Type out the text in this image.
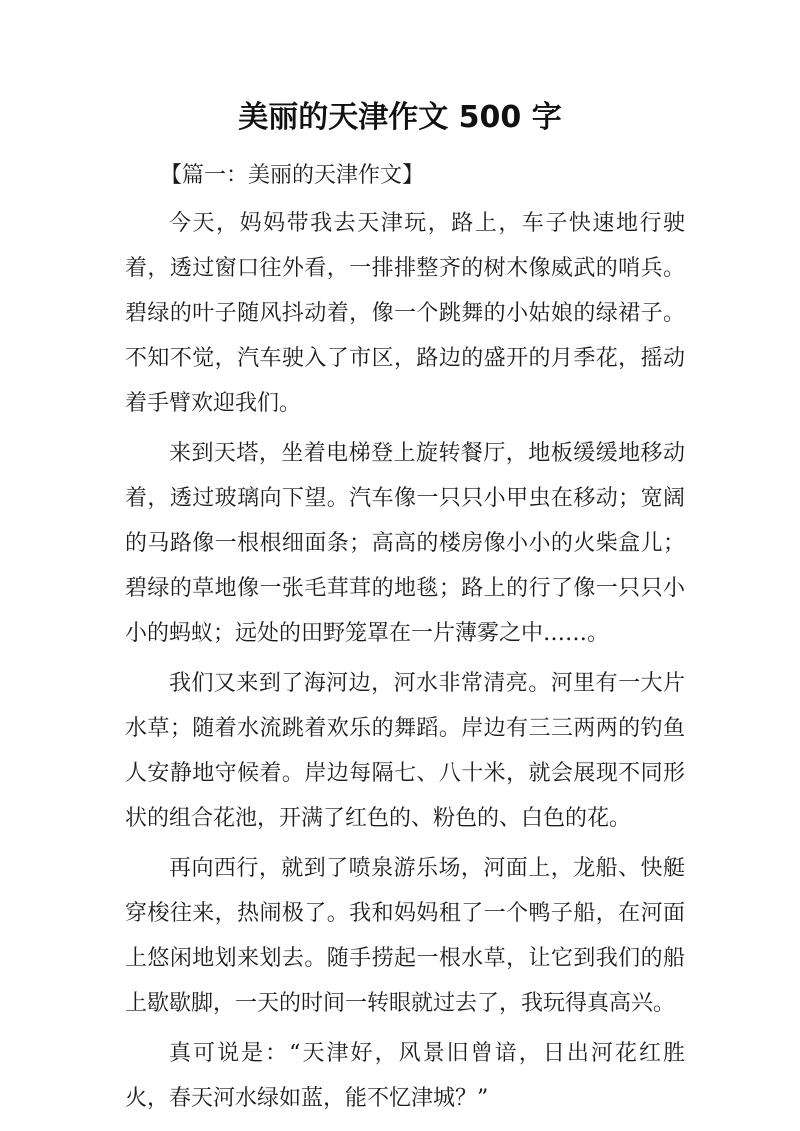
美丽的天津作文 500 字

【篇一：美丽的天津作文】

今天，妈妈带我去天津玩，路上，车子快速地行驶着，透过窗口往外看，一排排整齐的树木像威武的哨兵。碧绿的叶子随风抖动着，像一个跳舞的小姑娘的绿裙子。不知不觉，汽车驶入了市区，路边的盛开的月季花，摇动着手臂欢迎我们。

来到天塔，坐着电梯登上旋转餐厅，地板缓缓地移动着，透过玻璃向下望。汽车像一只只小甲虫在移动；宽阔的马路像一根根细面条；高高的楼房像小小的火柴盒儿；碧绿的草地像一张毛茸茸的地毯；路上的行了像一只只小小的蚂蚁；远处的田野笼罩在一片薄雾之中……。

我们又来到了海河边，河水非常清亮。河里有一大片水草；随着水流跳着欢乐的舞蹈。岸边有三三两两的钓鱼人安静地守候着。岸边每隔七、八十米，就会展现不同形状的组合花池，开满了红色的、粉色的、白色的花。

再向西行，就到了喷泉游乐场，河面上，龙船、快艇穿梭往来，热闹极了。我和妈妈租了一个鸭子船，在河面上悠闲地划来划去。随手捞起一根水草，让它到我们的船上歇歇脚，一天的时间一转眼就过去了，我玩得真高兴。

真可说是：“天津好，风景旧曾谙，日出河花红胜火，春天河水绿如蓝，能不忆津城？”
